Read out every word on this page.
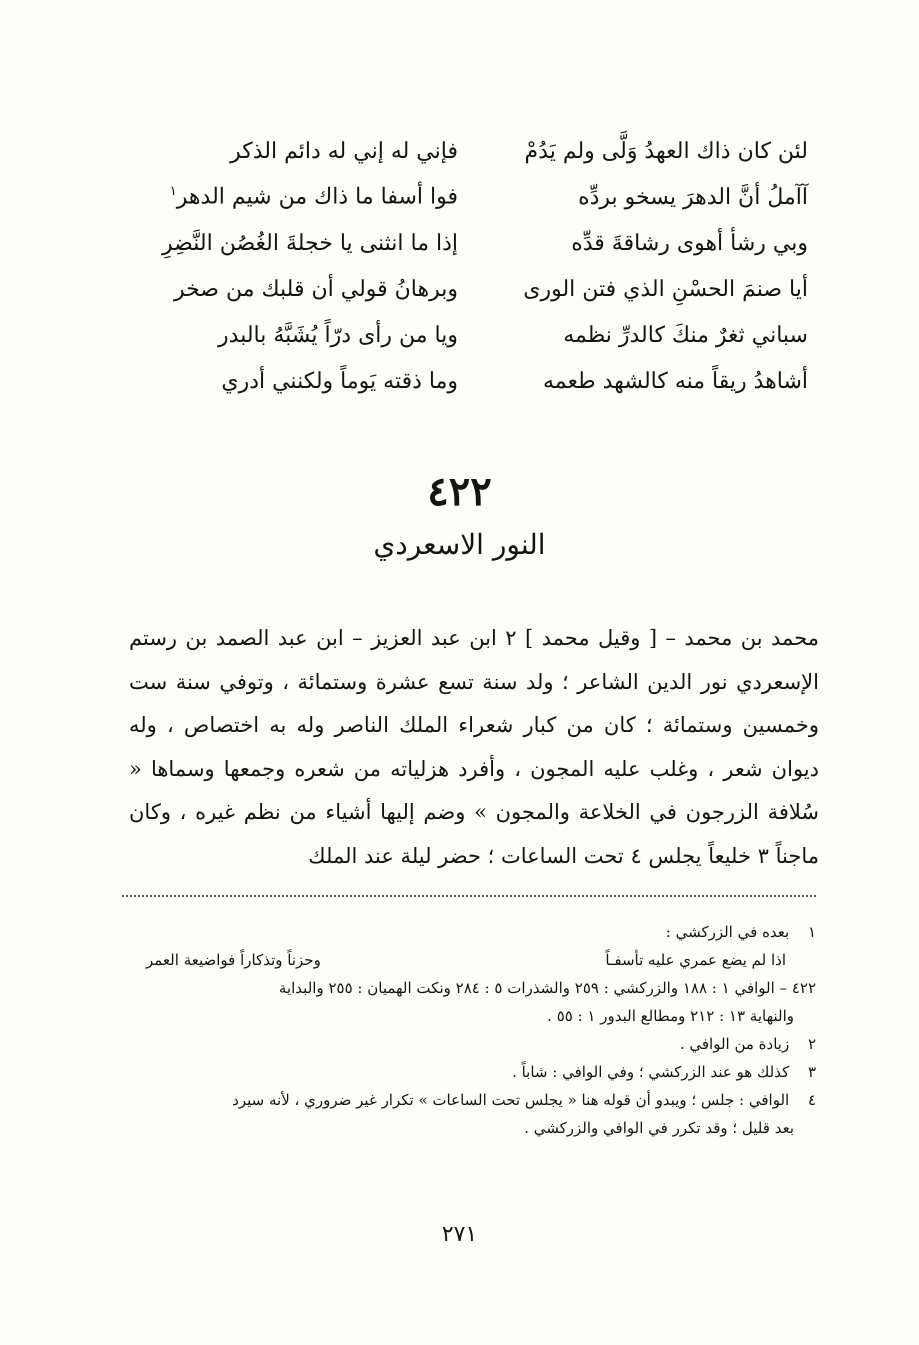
لئن كان ذاك العهدُ وَلَّى ولم يَدُمْ
فإني له إني له دائم الذكر
آآملُ أنَّ الدهرَ يسخو بردِّه
فوا أسفا ما ذاك من شيم الدهر$^١$
وبي رشأ أهوى رشاقةَ قدِّه
إذا ما انثنى يا خجلةَ الغُصُن النَّضِرِ
أيا صنمَ الحسْنِ الذي فتن الورى
وبرهانُ قولي أن قلبك من صخر
سباني ثغرٌ منكَ كالدرِّ نظمه
ويا من رأى درّاً يُشَبَّهُ بالبدر
أشاهدُ ريقاً منه كالشهد طعمه
وما ذقته يَوماً ولكنني أدري
٤٢٢
النور الاسعردي

محمد بن محمد – [ وقيل محمد ] ٢ ابن عبد العزيز – ابن عبد الصمد بن رستم الإسعردي نور الدين الشاعر ؛ ولد سنة تسع عشرة وستمائة ، وتوفي سنة ست وخمسين وستمائة ؛ كان من كبار شعراء الملك الناصر وله به اختصاص ، وله ديوان شعر ، وغلب عليه المجون ، وأفرد هزلياته من شعره وجمعها وسماها « سُلافة الزرجون في الخلاعة والمجون » وضم إليها أشياء من نظم غيره ، وكان ماجناً ٣ خليعاً يجلس ٤ تحت الساعات ؛ حضر ليلة عند الملك

١ بعده في الزركشي :

اذا لم يضع عمري عليه تأسفـاً
وحزناً وتذكاراً فواضيعة العمر

٤٢٢ – الوافي ١ : ١٨٨ والزركشي : ٢٥٩ والشذرات ٥ : ٢٨٤ ونكت الهميان : ٢٥٥ والبداية

والنهاية ١٣ : ٢١٢ ومطالع البدور ١ : ٥٥ .

٢ زيادة من الوافي .

٣ كذلك هو عند الزركشي ؛ وفي الوافي : شاباً .

٤ الوافي : جلس ؛ ويبدو أن قوله هنا « يجلس تحت الساعات » تكرار غير ضروري ، لأنه سيرد

بعد قليل ؛ وقد تكرر في الوافي والزركشي .

٢٧١
